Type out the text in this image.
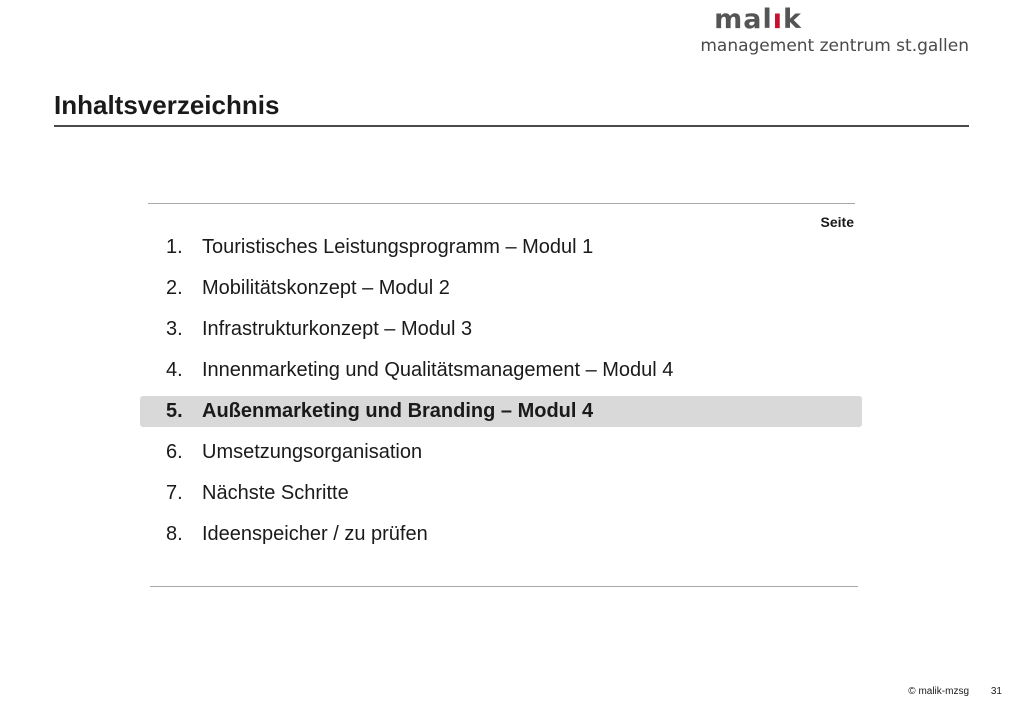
malık
management zentrum st.gallen
Inhaltsverzeichnis
Seite
1. Touristisches Leistungsprogramm – Modul 1
2. Mobilitätskonzept – Modul 2
3. Infrastrukturkonzept – Modul 3
4. Innenmarketing und Qualitätsmanagement – Modul 4
5. Außenmarketing und Branding – Modul 4
6. Umsetzungsorganisation
7. Nächste Schritte
8. Ideenspeicher / zu prüfen
© malik-mzsg 31
